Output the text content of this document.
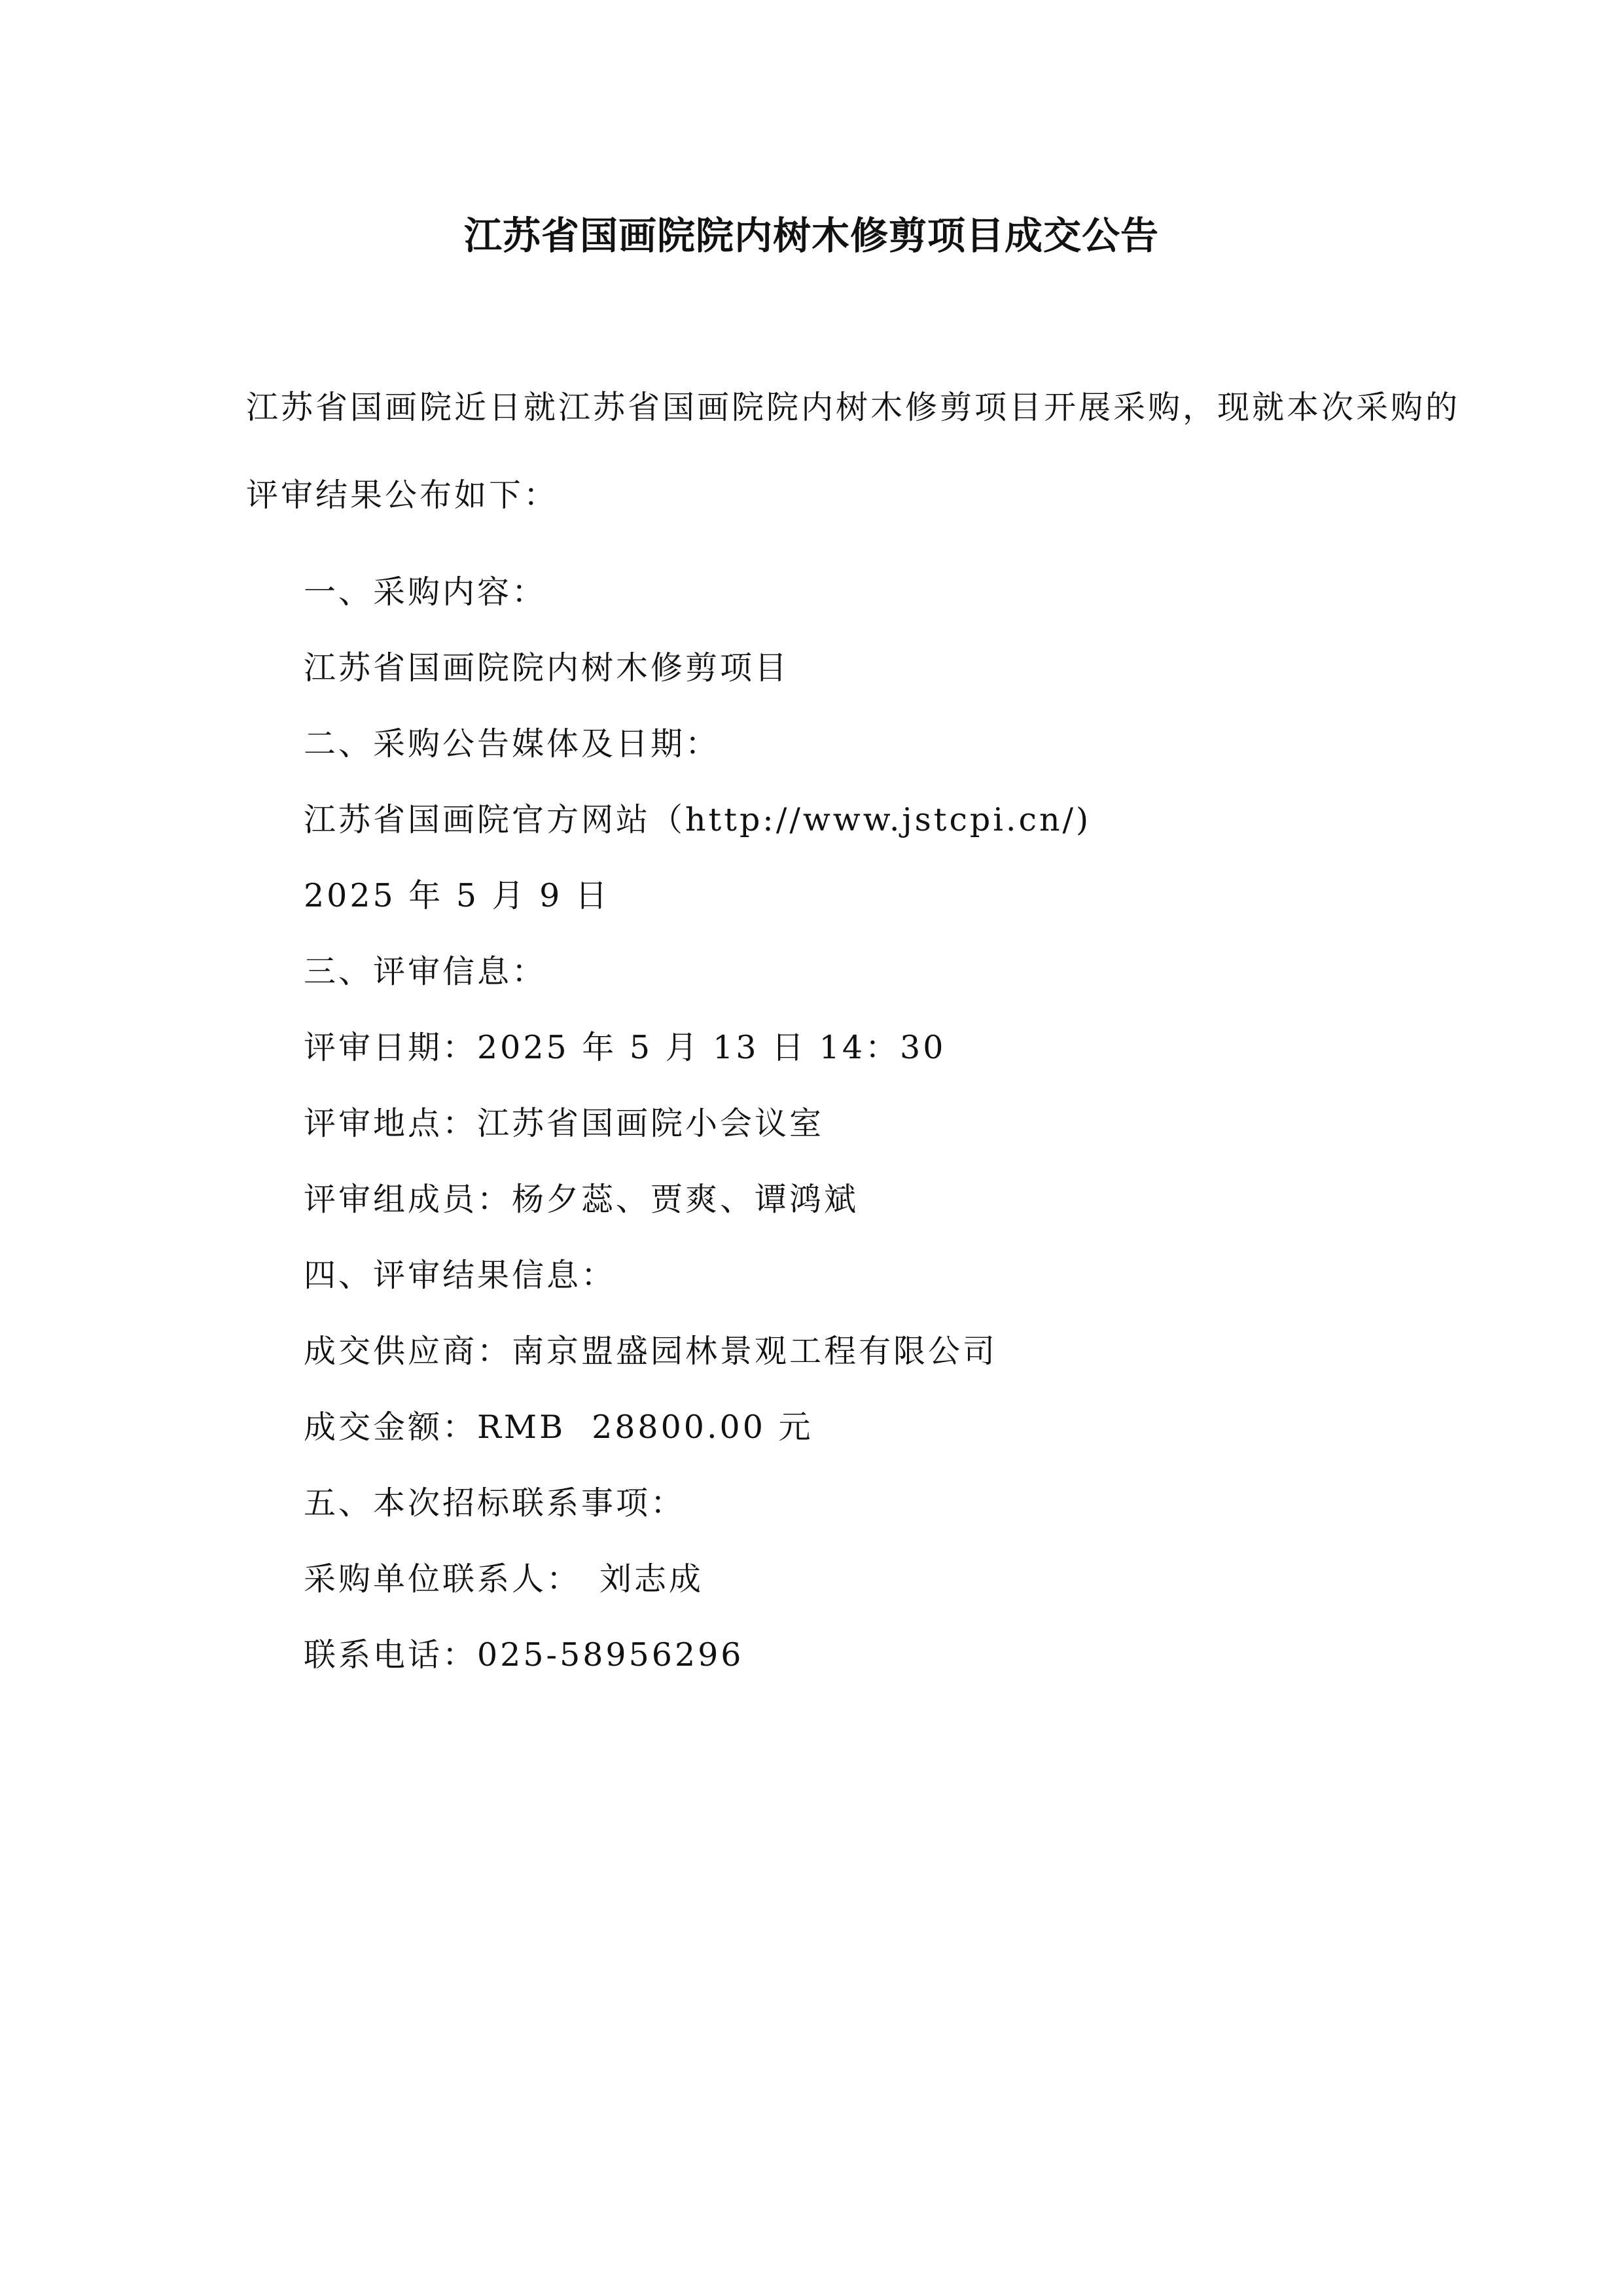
江苏省国画院院内树木修剪项目成交公告
江苏省国画院近日就江苏省国画院院内树木修剪项目开展采购，现就本次采购的
评审结果公布如下：
一、采购内容：
江苏省国画院院内树木修剪项目
二、采购公告媒体及日期：
江苏省国画院官方网站（http://www.jstcpi.cn/)
2025 年 5 月 9 日
三、评审信息：
评审日期：2025 年 5 月 13 日 14：30
评审地点：江苏省国画院小会议室
评审组成员：杨夕蕊、贾爽、谭鸿斌
四、评审结果信息：
成交供应商：南京盟盛园林景观工程有限公司
成交金额：RMB 28800.00 元
五、本次招标联系事项：
采购单位联系人： 刘志成
联系电话：025-58956296
